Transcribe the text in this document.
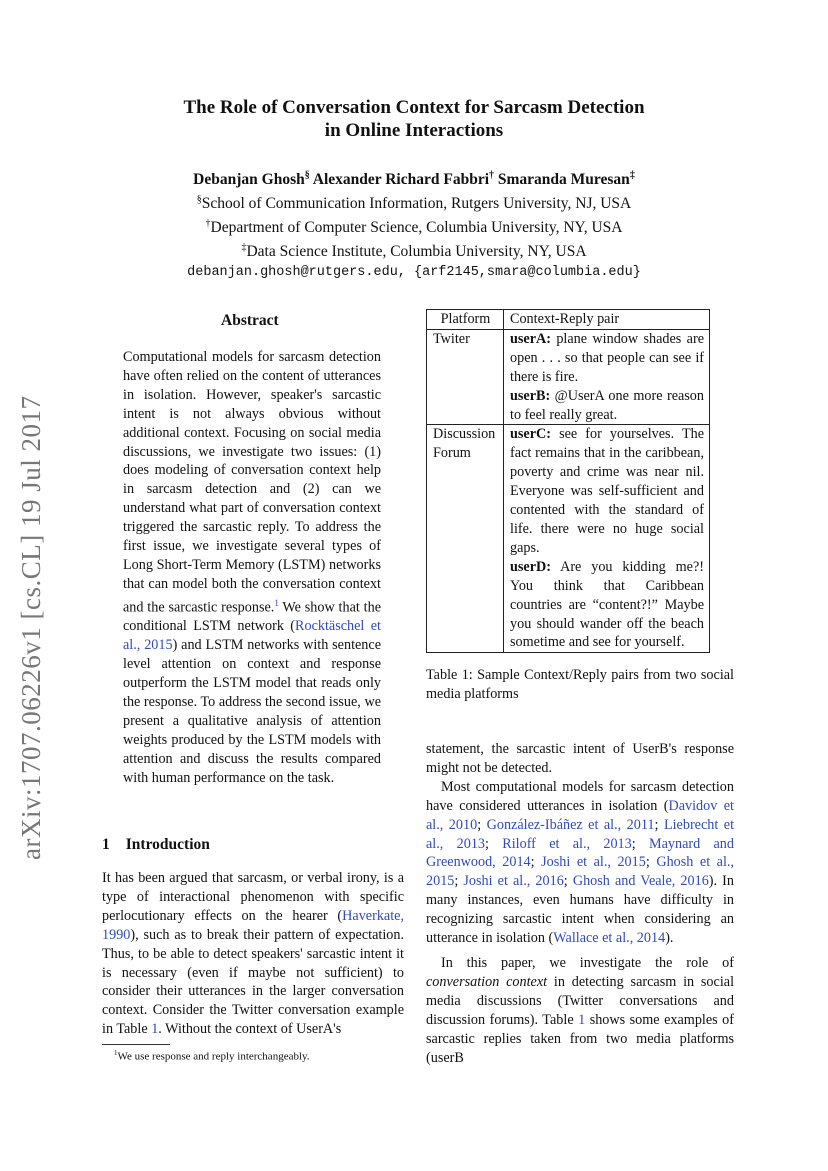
arXiv:1707.06226v1 [cs.CL] 19 Jul 2017
The Role of Conversation Context for Sarcasm Detection
in Online Interactions
Debanjan Ghosh§ Alexander Richard Fabbri† Smaranda Muresan‡
§School of Communication Information, Rutgers University, NJ, USA
†Department of Computer Science, Columbia University, NY, USA
‡Data Science Institute, Columbia University, NY, USA
debanjan.ghosh@rutgers.edu, {arf2145,smara@columbia.edu}
Abstract

Computational models for sarcasm detection have often relied on the content of utterances in isolation. However, speaker's sarcastic intent is not always obvious without additional context. Focusing on social media discussions, we investigate two issues: (1) does modeling of conversation context help in sarcasm detection and (2) can we understand what part of conversation context triggered the sarcastic reply. To address the first issue, we investigate several types of Long Short-Term Memory (LSTM) networks that can model both the conversation context and the sarcastic response.$^1$ We show that the conditional LSTM network (Rocktäschel et al., 2015) and LSTM networks with sentence level attention on context and response outperform the LSTM model that reads only the response. To address the second issue, we present a qualitative analysis of attention weights produced by the LSTM models with attention and discuss the results compared with human performance on the task.

1 Introduction

It has been argued that sarcasm, or verbal irony, is a type of interactional phenomenon with specific perlocutionary effects on the hearer (Haverkate, 1990), such as to break their pattern of expectation. Thus, to be able to detect speakers' sarcastic intent it is necessary (even if maybe not sufficient) to consider their utterances in the larger conversation context. Consider the Twitter conversation example in Table 1. Without the context of UserA's

$^1$We use response and reply interchangeably.
Platform	Context-Reply pair
Twiter	userA: plane window shades are open . . . so that people can see if there is fire.
userB: @UserA one more reason to feel really great.
Discussion Forum	userC: see for yourselves. The fact remains that in the caribbean, poverty and crime was near nil. Everyone was self-sufficient and contented with the standard of life. there were no huge social gaps.
userD: Are you kidding me?! You think that Caribbean countries are “content?!” Maybe you should wander off the beach sometime and see for yourself.
Table 1: Sample Context/Reply pairs from two social media platforms

statement, the sarcastic intent of UserB's response might not be detected.

Most computational models for sarcasm detection have considered utterances in isolation (Davidov et al., 2010; González-Ibáñez et al., 2011; Liebrecht et al., 2013; Riloff et al., 2013; Maynard and Greenwood, 2014; Joshi et al., 2015; Ghosh et al., 2015; Joshi et al., 2016; Ghosh and Veale, 2016). In many instances, even humans have difficulty in recognizing sarcastic intent when considering an utterance in isolation (Wallace et al., 2014).

In this paper, we investigate the role of conversation context in detecting sarcasm in social media discussions (Twitter conversations and discussion forums). Table 1 shows some examples of sarcastic replies taken from two media platforms (userB
